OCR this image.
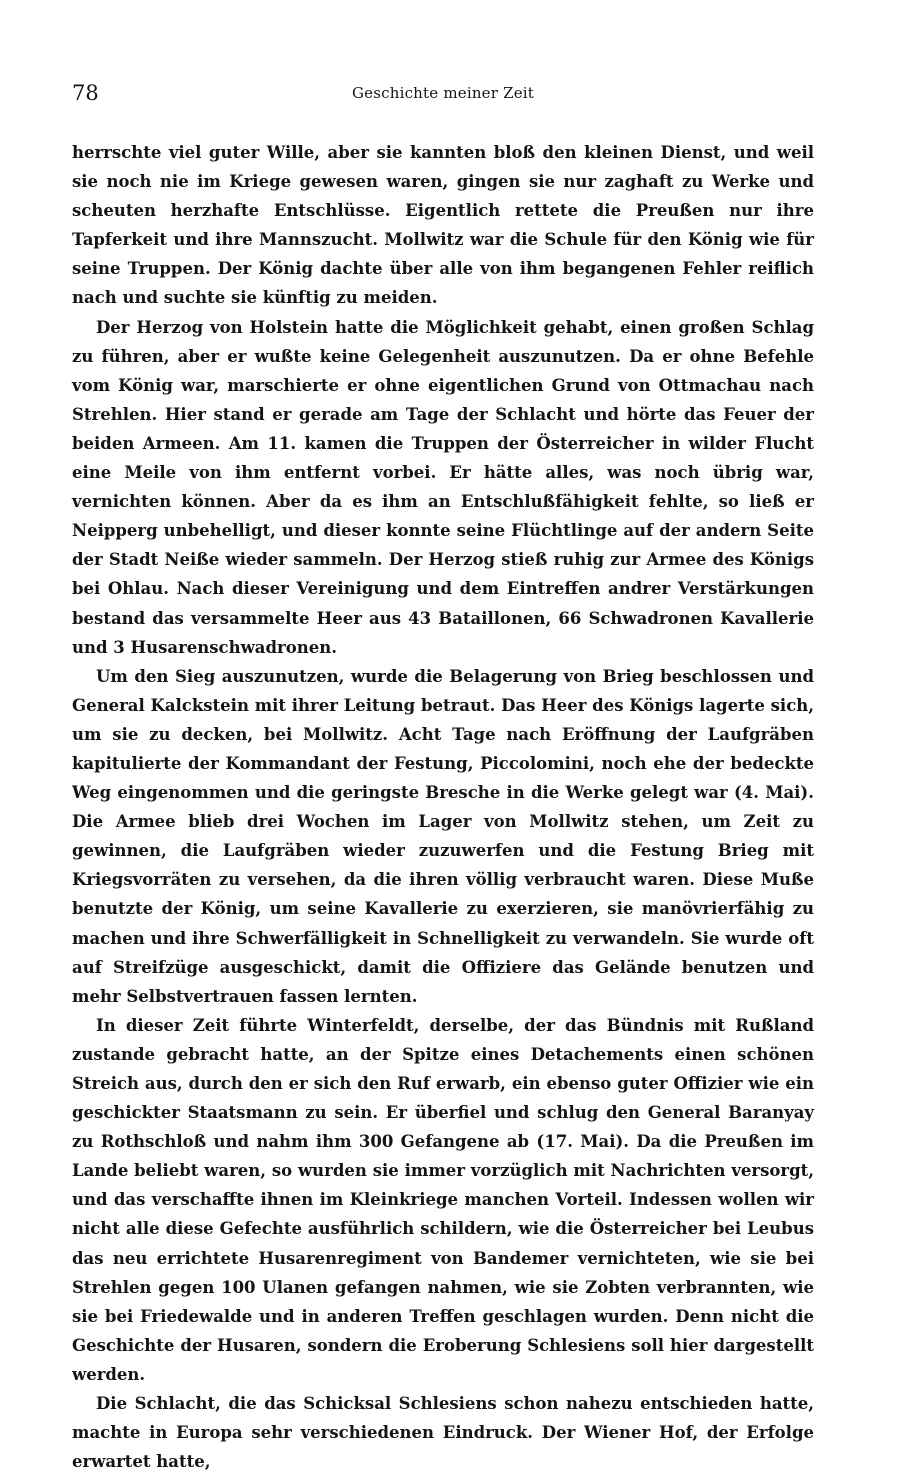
78	Geschichte meiner Zeit

herrschte viel guter Wille, aber sie kannten bloß den kleinen Dienst, und weil sie noch nie im Kriege gewesen waren, gingen sie nur zaghaft zu Werke und scheuten herzhafte Entschlüsse. Eigentlich rettete die Preußen nur ihre Tapferkeit und ihre Mannszucht. Mollwitz war die Schule für den König wie für seine Truppen. Der König dachte über alle von ihm begangenen Fehler reiflich nach und suchte sie künftig zu meiden.

Der Herzog von Holstein hatte die Möglichkeit gehabt, einen großen Schlag zu führen, aber er wußte keine Gelegenheit auszunutzen. Da er ohne Befehle vom König war, marschierte er ohne eigentlichen Grund von Ottmachau nach Strehlen. Hier stand er gerade am Tage der Schlacht und hörte das Feuer der beiden Armeen. Am 11. kamen die Truppen der Österreicher in wilder Flucht eine Meile von ihm entfernt vorbei. Er hätte alles, was noch übrig war, vernichten können. Aber da es ihm an Entschlußfähigkeit fehlte, so ließ er Neipperg unbehelligt, und dieser konnte seine Flüchtlinge auf der andern Seite der Stadt Neiße wieder sammeln. Der Herzog stieß ruhig zur Armee des Königs bei Ohlau. Nach dieser Vereinigung und dem Eintreffen andrer Verstärkungen bestand das versammelte Heer aus 43 Bataillonen, 66 Schwadronen Kavallerie und 3 Husarenschwadronen.

Um den Sieg auszunutzen, wurde die Belagerung von Brieg beschlossen und General Kalckstein mit ihrer Leitung betraut. Das Heer des Königs lagerte sich, um sie zu decken, bei Mollwitz. Acht Tage nach Eröffnung der Laufgräben kapitulierte der Kommandant der Festung, Piccolomini, noch ehe der bedeckte Weg eingenommen und die geringste Bresche in die Werke gelegt war (4. Mai). Die Armee blieb drei Wochen im Lager von Mollwitz stehen, um Zeit zu gewinnen, die Laufgräben wieder zuzuwerfen und die Festung Brieg mit Kriegsvorräten zu versehen, da die ihren völlig verbraucht waren. Diese Muße benutzte der König, um seine Kavallerie zu exerzieren, sie manövrierfähig zu machen und ihre Schwerfälligkeit in Schnelligkeit zu verwandeln. Sie wurde oft auf Streifzüge ausgeschickt, damit die Offiziere das Gelände benutzen und mehr Selbstvertrauen fassen lernten.

In dieser Zeit führte Winterfeldt, derselbe, der das Bündnis mit Rußland zustande gebracht hatte, an der Spitze eines Detachements einen schönen Streich aus, durch den er sich den Ruf erwarb, ein ebenso guter Offizier wie ein geschickter Staatsmann zu sein. Er überfiel und schlug den General Baranyay zu Rothschloß und nahm ihm 300 Gefangene ab (17. Mai). Da die Preußen im Lande beliebt waren, so wurden sie immer vorzüglich mit Nachrichten versorgt, und das verschaffte ihnen im Kleinkriege manchen Vorteil. Indessen wollen wir nicht alle diese Gefechte ausführlich schildern, wie die Österreicher bei Leubus das neu errichtete Husarenregiment von Bandemer vernichteten, wie sie bei Strehlen gegen 100 Ulanen gefangen nahmen, wie sie Zobten verbrannten, wie sie bei Friedewalde und in anderen Treffen geschlagen wurden. Denn nicht die Geschichte der Husaren, sondern die Eroberung Schlesiens soll hier dargestellt werden.

Die Schlacht, die das Schicksal Schlesiens schon nahezu entschieden hatte, machte in Europa sehr verschiedenen Eindruck. Der Wiener Hof, der Erfolge erwartet hatte,
